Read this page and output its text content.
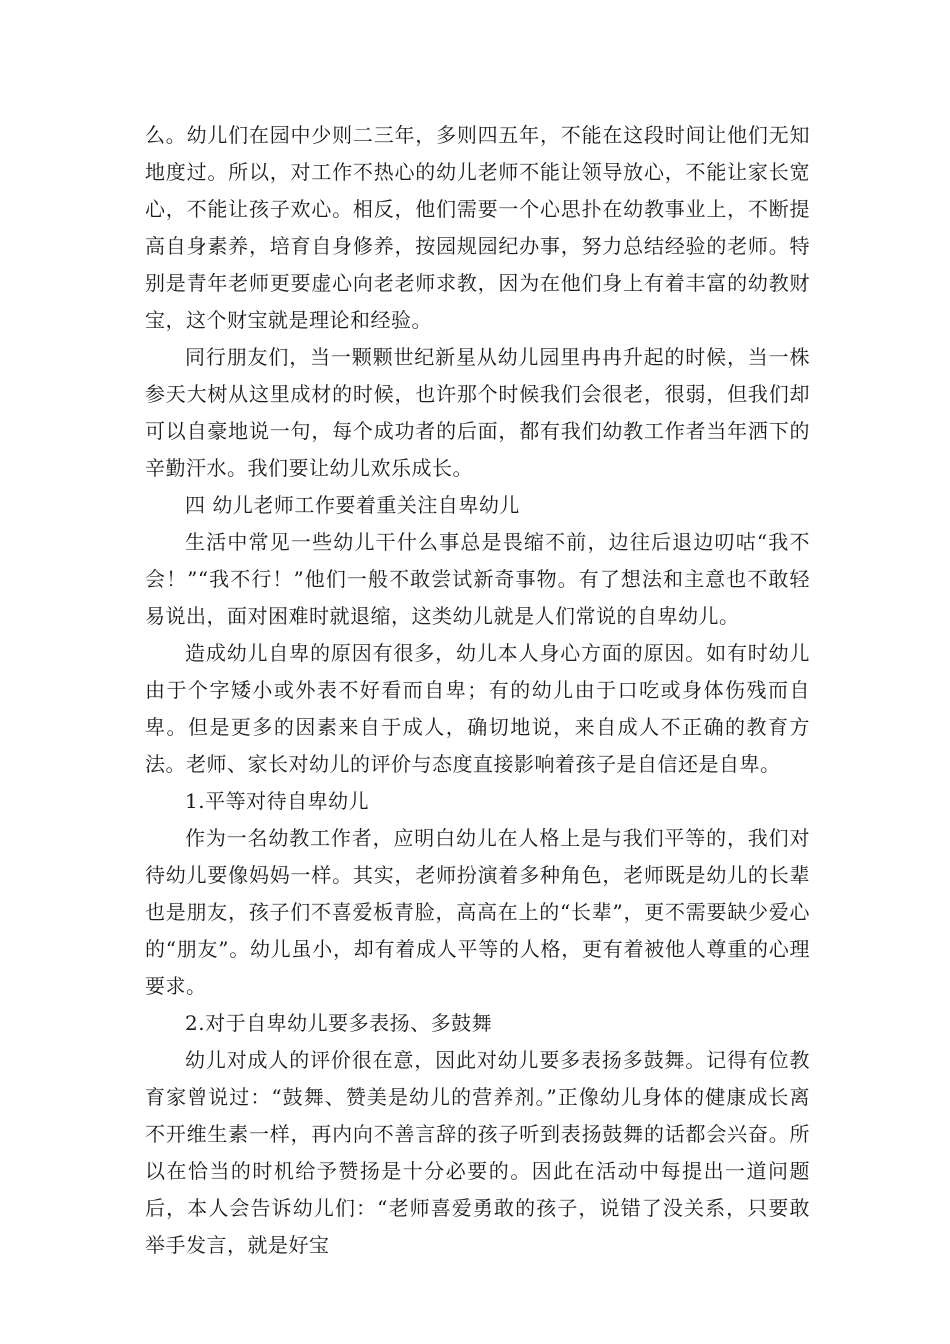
么。幼儿们在园中少则二三年，多则四五年，不能在这段时间让他们无知地度过。所以，对工作不热心的幼儿老师不能让领导放心，不能让家长宽心，不能让孩子欢心。相反，他们需要一个心思扑在幼教事业上，不断提高自身素养，培育自身修养，按园规园纪办事，努力总结经验的老师。特别是青年老师更要虚心向老老师求教，因为在他们身上有着丰富的幼教财宝，这个财宝就是理论和经验。

同行朋友们，当一颗颗世纪新星从幼儿园里冉冉升起的时候，当一株参天大树从这里成材的时候，也许那个时候我们会很老，很弱，但我们却可以自豪地说一句，每个成功者的后面，都有我们幼教工作者当年洒下的辛勤汗水。我们要让幼儿欢乐成长。

四 幼儿老师工作要着重关注自卑幼儿

生活中常见一些幼儿干什么事总是畏缩不前，边往后退边叨咕“我不会！”“我不行！”他们一般不敢尝试新奇事物。有了想法和主意也不敢轻易说出，面对困难时就退缩，这类幼儿就是人们常说的自卑幼儿。

造成幼儿自卑的原因有很多，幼儿本人身心方面的原因。如有时幼儿由于个字矮小或外表不好看而自卑；有的幼儿由于口吃或身体伤残而自卑。但是更多的因素来自于成人，确切地说，来自成人不正确的教育方法。老师、家长对幼儿的评价与态度直接影响着孩子是自信还是自卑。

1.平等对待自卑幼儿

作为一名幼教工作者，应明白幼儿在人格上是与我们平等的，我们对待幼儿要像妈妈一样。其实，老师扮演着多种角色，老师既是幼儿的长辈也是朋友，孩子们不喜爱板青脸，高高在上的“长辈”，更不需要缺少爱心的“朋友”。幼儿虽小，却有着成人平等的人格，更有着被他人尊重的心理要求。

2.对于自卑幼儿要多表扬、多鼓舞

幼儿对成人的评价很在意，因此对幼儿要多表扬多鼓舞。记得有位教育家曾说过：“鼓舞、赞美是幼儿的营养剂。”正像幼儿身体的健康成长离不开维生素一样，再内向不善言辞的孩子听到表扬鼓舞的话都会兴奋。所以在恰当的时机给予赞扬是十分必要的。因此在活动中每提出一道问题后，本人会告诉幼儿们：“老师喜爱勇敢的孩子，说错了没关系，只要敢举手发言，就是好宝
